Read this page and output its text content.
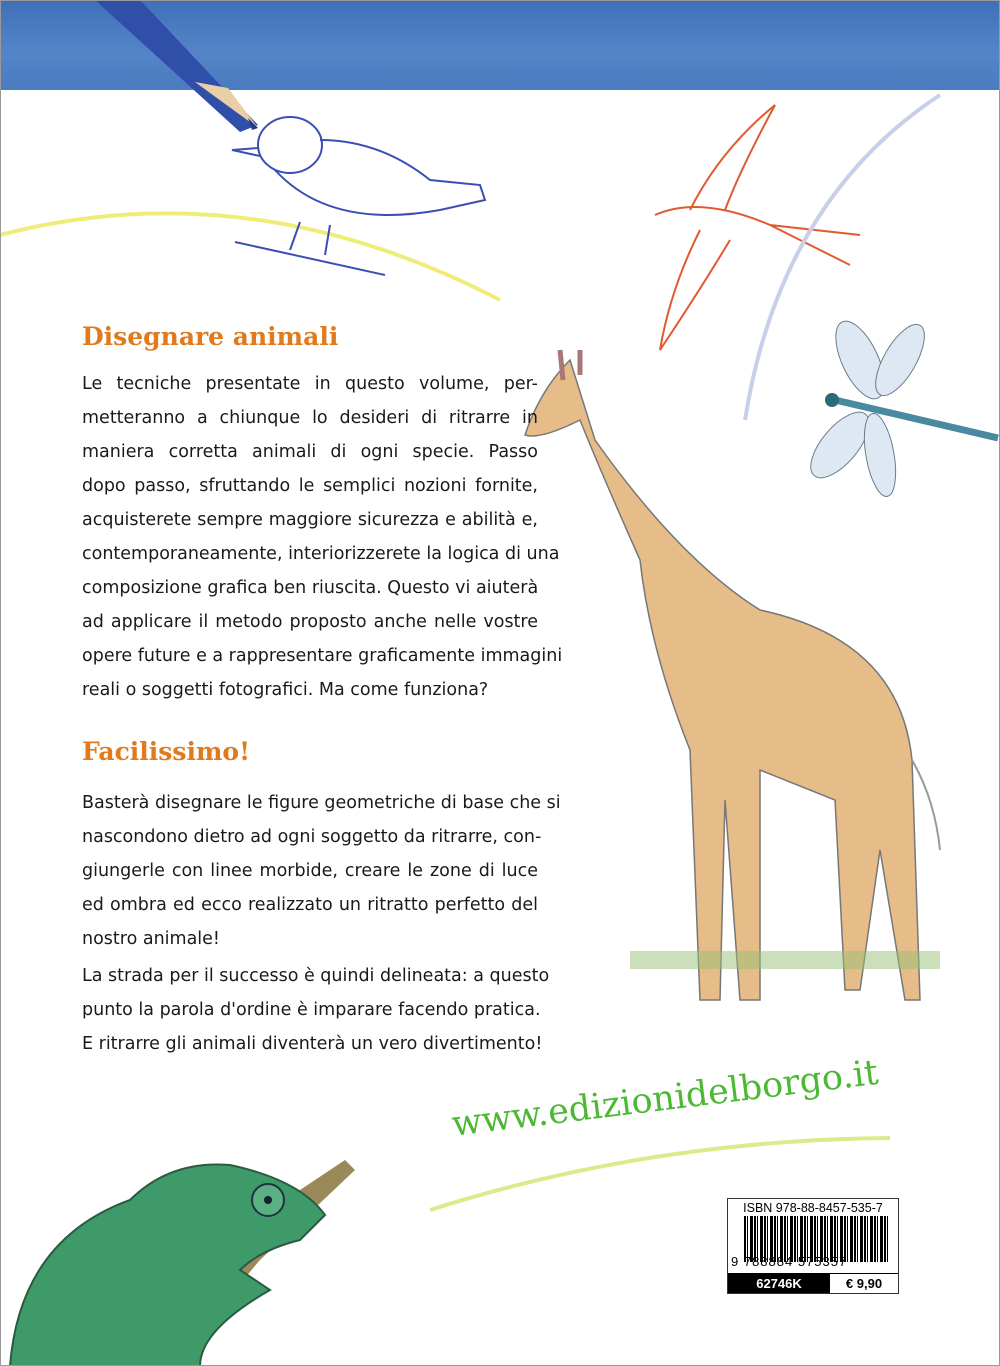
Disegnare animali
Le tecniche presentate in questo volume, per-
metteranno a chiunque lo desideri di ritrarre in
maniera corretta animali di ogni specie. Passo
dopo passo, sfruttando le semplici nozioni fornite,
acquisterete sempre maggiore sicurezza e abilità e,
contemporaneamente, interiorizzerete la logica di una
composizione grafica ben riuscita. Questo vi aiuterà
ad applicare il metodo proposto anche nelle vostre
opere future e a rappresentare graficamente immagini
reali o soggetti fotografici. Ma come funziona?
Facilissimo!
Basterà disegnare le figure geometriche di base che si
nascondono dietro ad ogni soggetto da ritrarre, con-
giungerle con linee morbide, creare le zone di luce
ed ombra ed ecco realizzato un ritratto perfetto del
nostro animale!
La strada per il successo è quindi delineata: a questo
punto la parola d'ordine è imparare facendo pratica.
E ritrarre gli animali diventerà un vero divertimento!
www.edizionidelborgo.it
ISBN 978-88-8457-535-7
9 788884 575357
62746K	€ 9,90
